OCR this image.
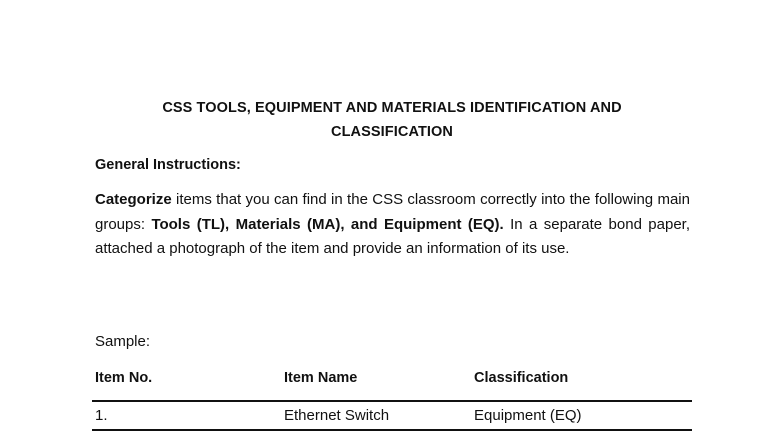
CSS TOOLS, EQUIPMENT AND MATERIALS IDENTIFICATION AND
CLASSIFICATION
General Instructions:
Categorize items that you can find in the CSS classroom correctly into the following main groups: Tools (TL), Materials (MA), and Equipment (EQ). In a separate bond paper, attached a photograph of the item and provide an information of its use.
Sample:
Item No.	Item Name	Classification
1.	Ethernet Switch	Equipment (EQ)
